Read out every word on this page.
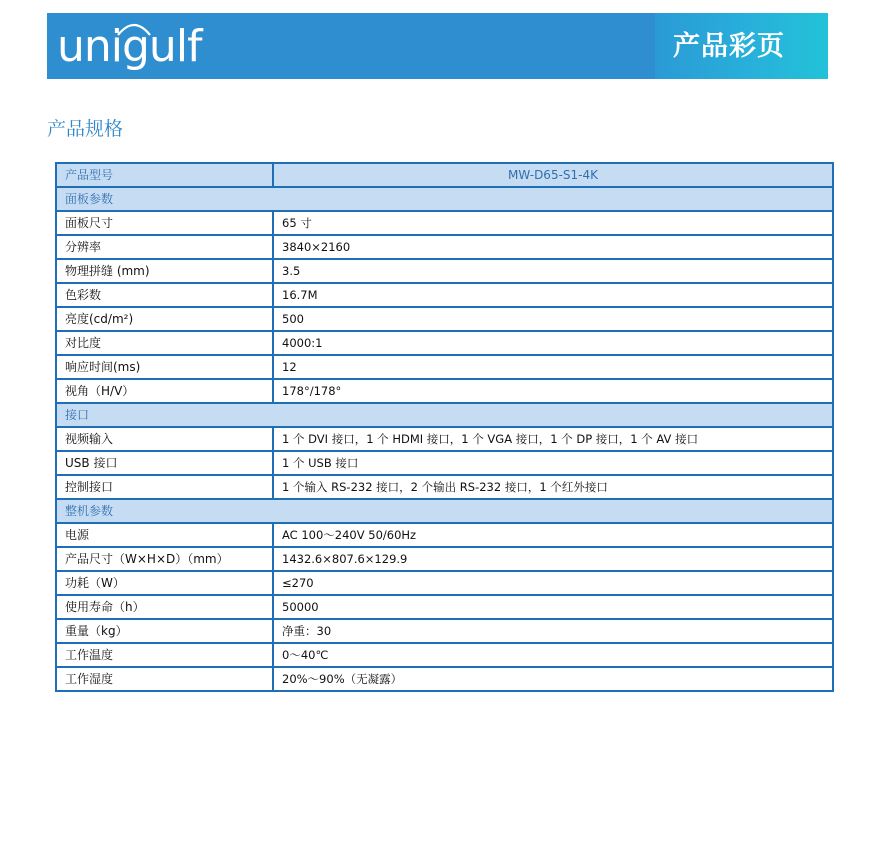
unigulf	产品彩页
产品规格
产品型号	MW-D65-S1-4K
面板参数	
面板尺寸	65 寸
分辨率	3840×2160
物理拼缝 (mm)	3.5
色彩数	16.7M
亮度(cd/m²)	500
对比度	4000:1
响应时间(ms)	12
视角（H/V）	178°/178°
接口	
视频输入	1 个 DVI 接口，1 个 HDMI 接口，1 个 VGA 接口，1 个 DP 接口，1 个 AV 接口
USB 接口	1 个 USB 接口
控制接口	1 个输入 RS-232 接口，2 个输出 RS-232 接口，1 个红外接口
整机参数	
电源	AC 100～240V 50/60Hz
产品尺寸（W×H×D）（mm）	1432.6×807.6×129.9
功耗（W）	≤270
使用寿命（h）	50000
重量（kg）	净重：30
工作温度	0～40℃
工作湿度	20%～90%（无凝露）
